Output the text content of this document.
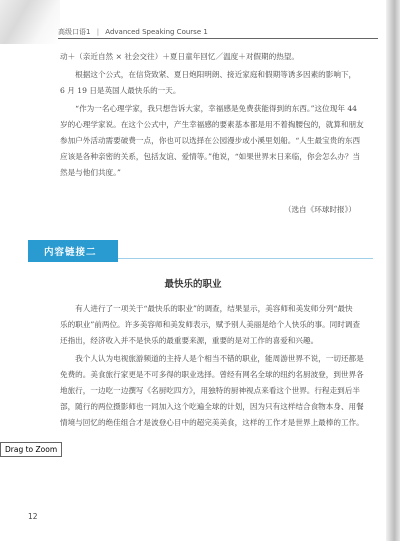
高级口语1 | Advanced Speaking Course 1

动＋（亲近自然 × 社会交往）＋夏日童年回忆／温度＋对假期的热望。

　　根据这个公式，在信贷致紧、夏日炮阳明朗、接近家庭和假期等诱多因素的影响下，

6 月 19 日是英国人最快乐的一天。

　　“作为一名心理学家，我只想告诉大家，幸福感是免费获能得到的东西。”这位现年 44

岁的心理学家说。在这个公式中，产生幸福感的要素基本都是用不着掏腰包的，就算和朋友

参加户外活动需要破费一点，你也可以选择在公园漫步或小溪里划船。“人生最宝贵的东西

应该是各种亲密的关系，包括友谊、爱情等。”他说，“如果世界末日来临，你会怎么办？当

然是与他们共度。”

（选自《环球时报》）
内容链接二
最快乐的职业

　　有人进行了一项关于“最快乐的职业”的调查，结果显示，美容师和美发师分列“最快

乐的职业”前两位。许多美容师和美发师表示，赋予别人美丽是给个人快乐的事。同时调查

还指出，经济收入并不是快乐的最重要来源，重要的是对工作的喜爱和兴趣。

　　我个人认为电视旅游频道的主持人是个相当不错的职业，能周游世界不说，一切还都是

免费的。美食旅行家更是不可多得的职业选择。曾经有网名全球的纽约名厨波登，到世界各

地旅行，一边吃一边撰写《名厨吃四方》，用独特的厨神视点来看这个世界。行程走到后半

部，随行的两位摄影师也一同加入这个吃遍全球的计划，因为只有这样结合食物本身、用餐

情境与回忆的绝佳组合才是波登心目中的超完美美食，这样的工作才是世界上最棒的工作。

Drag to Zoom
12
